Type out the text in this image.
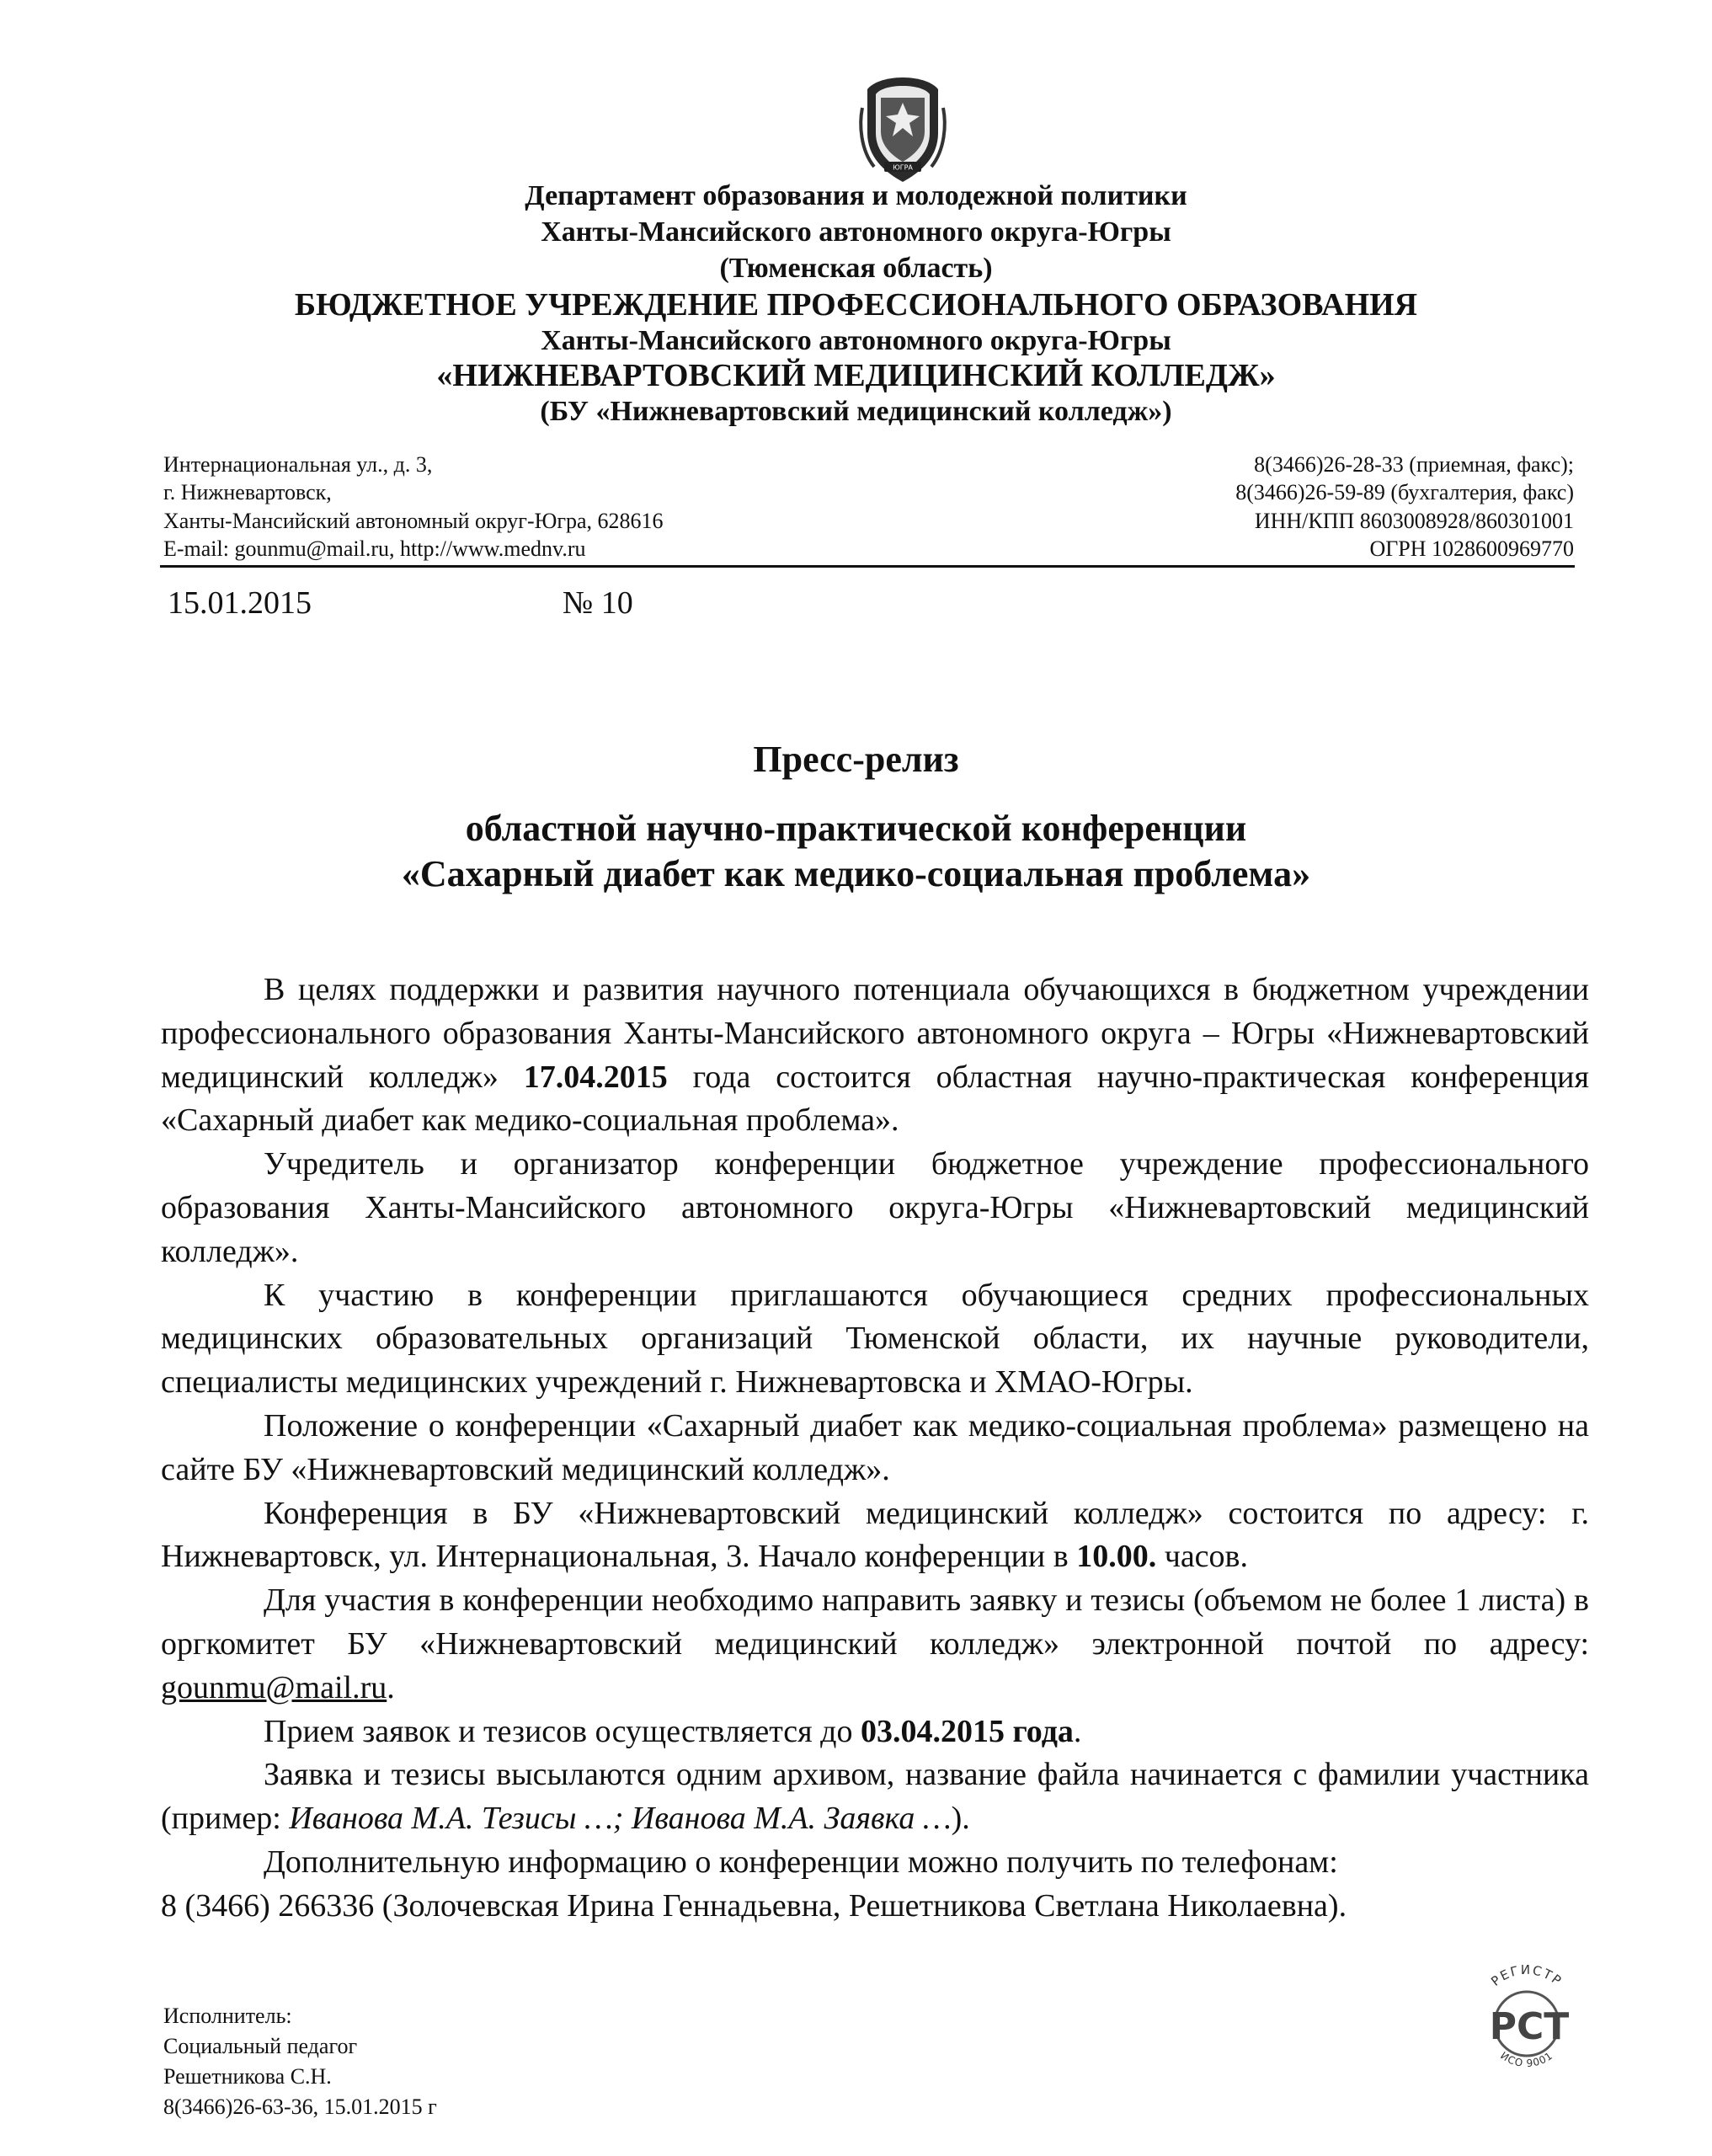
ЮГРА
Департамент образования и молодежной политики
Ханты-Мансийского автономного округа-Югры
(Тюменская область)
БЮДЖЕТНОЕ УЧРЕЖДЕНИЕ ПРОФЕССИОНАЛЬНОГО ОБРАЗОВАНИЯ
Ханты-Мансийского автономного округа-Югры
«НИЖНЕВАРТОВСКИЙ МЕДИЦИНСКИЙ КОЛЛЕДЖ»
(БУ «Нижневартовский медицинский колледж»)
Интернациональная ул., д. 3,
г. Нижневартовск,
Ханты-Мансийский автономный округ-Югра, 628616
E-mail: gounmu@mail.ru, http://www.mednv.ru
8(3466)26-28-33 (приемная, факс);
8(3466)26-59-89 (бухгалтерия, факс)
ИНН/КПП 8603008928/860301001
ОГРН 1028600969770
15.01.2015	№ 10
Пресс-релиз
областной научно-практической конференции
«Сахарный диабет как медико-социальная проблема»

В целях поддержки и развития научного потенциала обучающихся в бюджетном учреждении профессионального образования Ханты-Мансийского автономного округа – Югры «Нижневартовский медицинский колледж» 17.04.2015 года состоится областная научно-практическая конференция «Сахарный диабет как медико-социальная проблема».

Учредитель и организатор конференции бюджетное учреждение профессионального образования Ханты-Мансийского автономного округа-Югры «Нижневартовский медицинский колледж».

К участию в конференции приглашаются обучающиеся средних профессиональных медицинских образовательных организаций Тюменской области, их научные руководители, специалисты медицинских учреждений г. Нижневартовска и ХМАО-Югры.

Положение о конференции «Сахарный диабет как медико-социальная проблема» размещено на сайте БУ «Нижневартовский медицинский колледж».

Конференция в БУ «Нижневартовский медицинский колледж» состоится по адресу: г. Нижневартовск, ул. Интернациональная, 3. Начало конференции в 10.00. часов.

Для участия в конференции необходимо направить заявку и тезисы (объемом не более 1 листа) в оргкомитет БУ «Нижневартовский медицинский колледж» электронной почтой по адресу: gounmu@mail.ru.

Прием заявок и тезисов осуществляется до 03.04.2015 года.

Заявка и тезисы высылаются одним архивом, название файла начинается с фамилии участника (пример: Иванова М.А. Тезисы …; Иванова М.А. Заявка …).

Дополнительную информацию о конференции можно получить по телефонам:

8 (3466) 266336 (Золочевская Ирина Геннадьевна, Решетникова Светлана Николаевна).

Исполнитель:
Социальный педагог
Решетникова С.Н.
8(3466)26-63-36, 15.01.2015 г
РЕГИСТР
РСТ
ИСО 9001
